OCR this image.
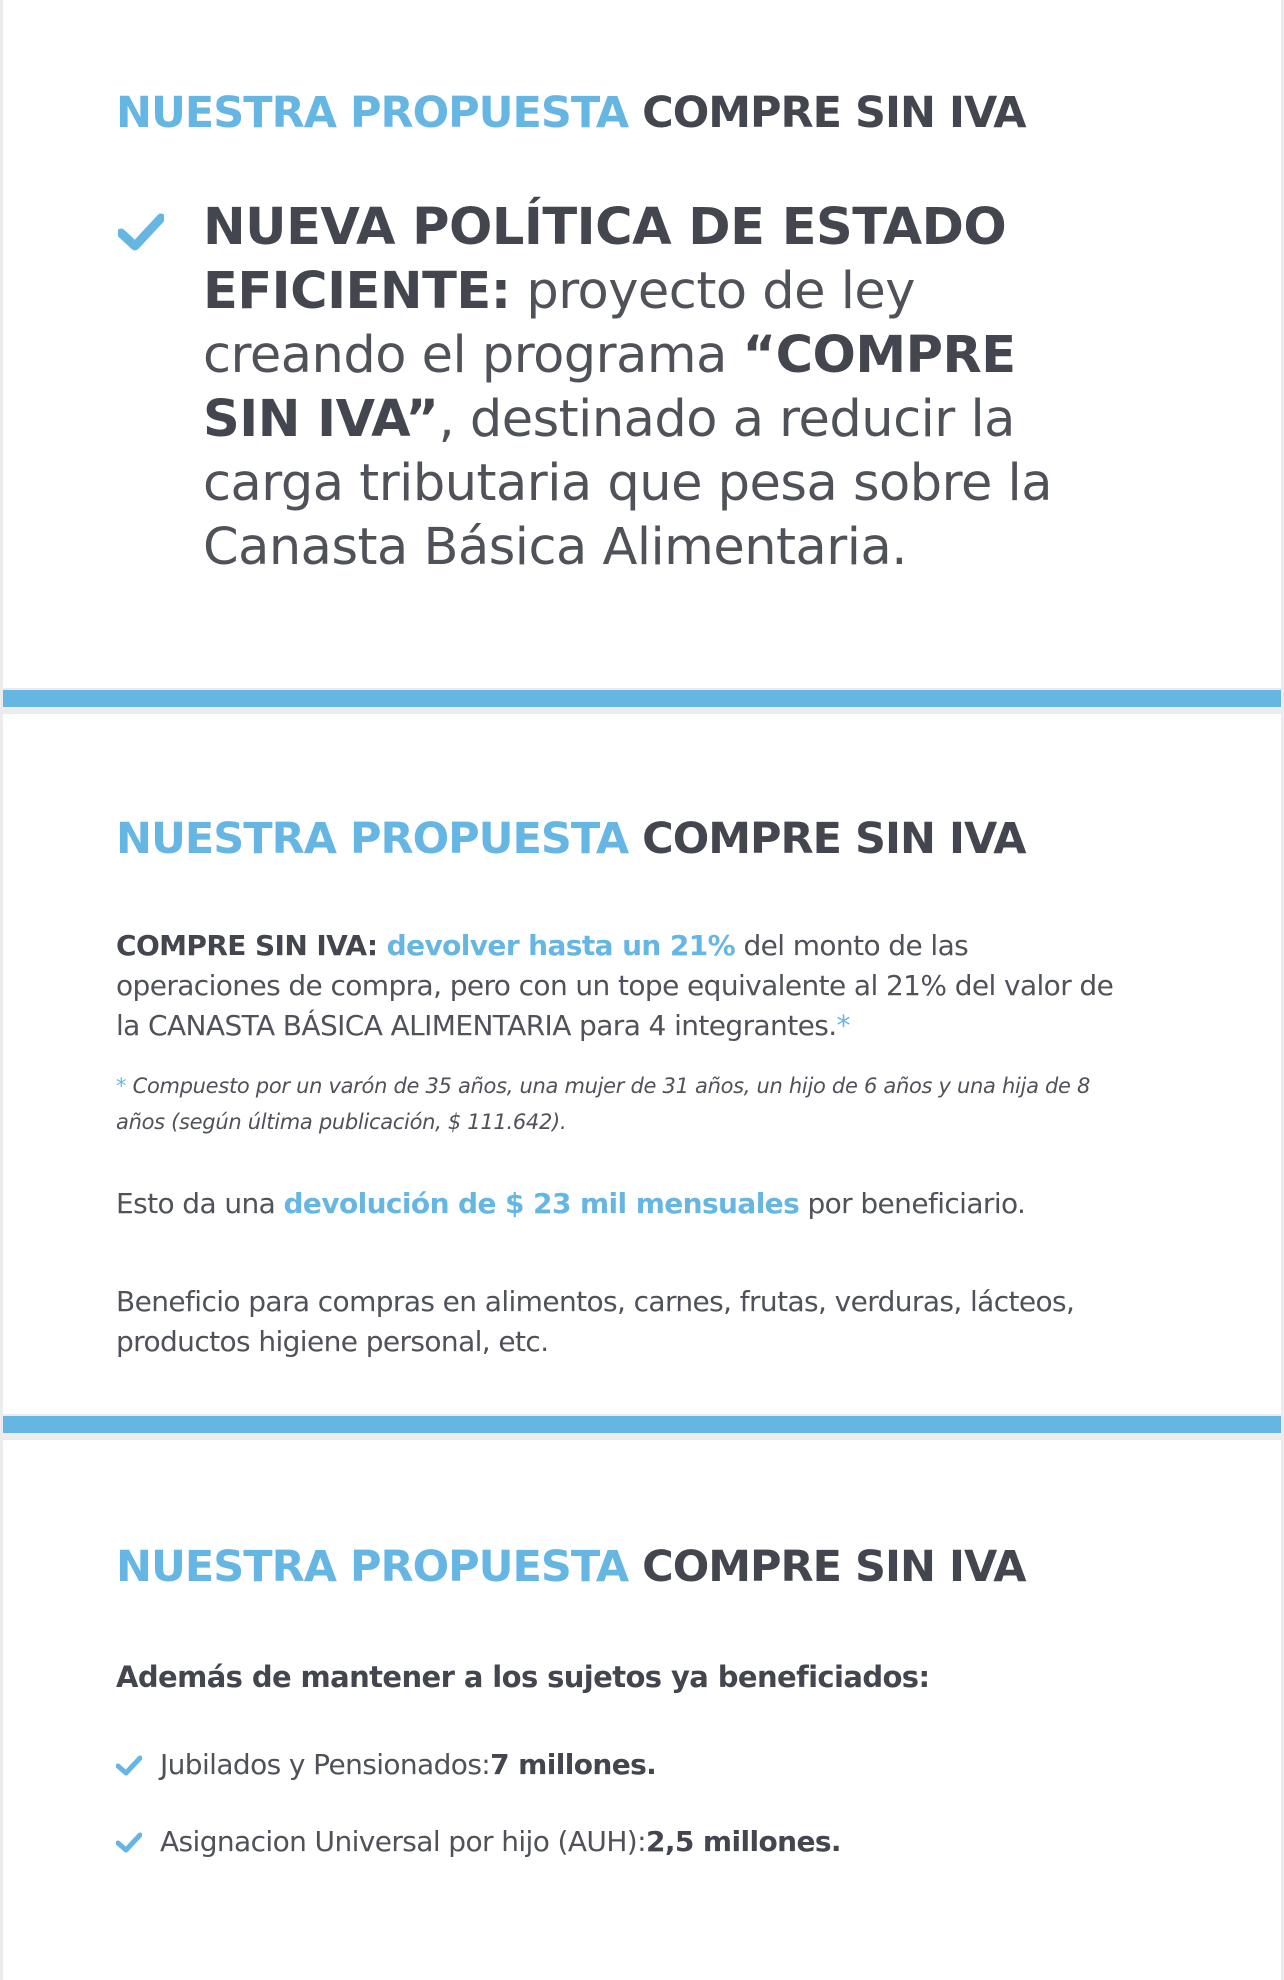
NUESTRA PROPUESTA COMPRE SIN IVA
NUEVA POLÍTICA DE ESTADO EFICIENTE: proyecto de ley creando el programa “COMPRE SIN IVA”, destinado a reducir la carga tributaria que pesa sobre la Canasta Básica Alimentaria.
NUESTRA PROPUESTA COMPRE SIN IVA
COMPRE SIN IVA: devolver hasta un 21% del monto de las operaciones de compra, pero con un tope equivalente al 21% del valor de la CANASTA BÁSICA ALIMENTARIA para 4 integrantes.*
* Compuesto por un varón de 35 años, una mujer de 31 años, un hijo de 6 años y una hija de 8 años (según última publicación, $ 111.642).
Esto da una devolución de $ 23 mil mensuales por beneficiario.
Beneficio para compras en alimentos, carnes, frutas, verduras, lácteos, productos higiene personal, etc.
NUESTRA PROPUESTA COMPRE SIN IVA
Además de mantener a los sujetos ya beneficiados:
Jubilados y Pensionados: 7 millones.
Asignacion Universal por hijo (AUH): 2,5 millones.
